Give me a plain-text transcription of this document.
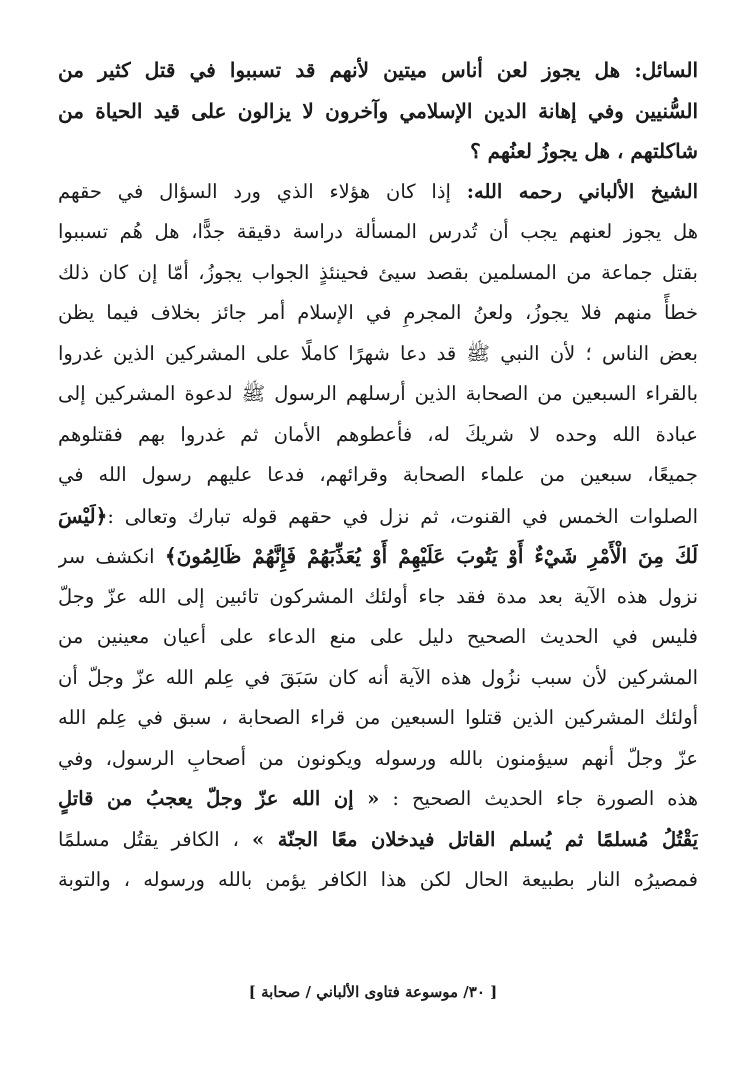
السائل: هل يجوز لعن أناس ميتين لأنهم قد تسببوا في قتل كثير من
السُّنيين وفي إهانة الدين الإسلامي وآخرون لا يزالون على قيد الحياة من
شاكلتهم ، هل يجوزُ لعنُهم ؟
الشيخ الألباني رحمه الله: إذا كان هؤلاء الذي ورد السؤال في حقهم
هل يجوز لعنهم يجب أن تُدرس المسألة دراسة دقيقة جدًّا، هل هُم تسببوا
بقتل جماعة من المسلمين بقصد سيئ فحينئذٍ الجواب يجوزُ، أمّا إن كان ذلك
خطأً منهم فلا يجوزُ، ولعنُ المجرمِ في الإسلام أمر جائز بخلاف فيما يظن
بعض الناس ؛ لأن النبي ﷺ قد دعا شهرًا كاملًا على المشركين الذين غدروا
بالقراء السبعين من الصحابة الذين أرسلهم الرسول ﷺ لدعوة المشركين إلى
عبادة الله وحده لا شريكَ له، فأعطوهم الأمان ثم غدروا بهم فقتلوهم
جميعًا، سبعين من علماء الصحابة وقرائهم، فدعا عليهم رسول الله في
الصلوات الخمس في القنوت، ثم نزل في حقهم قوله تبارك وتعالى :﴿لَيْسَ
لَكَ مِنَ الْأَمْرِ شَيْءٌ أَوْ يَتُوبَ عَلَيْهِمْ أَوْ يُعَذِّبَهُمْ فَإِنَّهُمْ ظَالِمُونَ﴾ انكشف سر
نزول هذه الآية بعد مدة فقد جاء أولئك المشركون تائبين إلى الله عزّ وجلّ
فليس في الحديث الصحيح دليل على منع الدعاء على أعيان معينين من
المشركين لأن سبب نزُول هذه الآية أنه كان سَبَقَ في عِلم الله عزّ وجلّ أن
أولئك المشركين الذين قتلوا السبعين من قراء الصحابة ، سبق في عِلم الله
عزّ وجلّ أنهم سيؤمنون بالله ورسوله ويكونون من أصحابِ الرسول، وفي
هذه الصورة جاء الحديث الصحيح : « إن الله عزّ وجلّ يعجبُ من قاتلٍ
يَقْتُلُ مُسلمًا ثم يُسلم القاتل فيدخلان معًا الجنّة » ، الكافر يقتُل مسلمًا
فمصيرُه النار بطبيعة الحال لكن هذا الكافر يؤمن بالله ورسوله ، والتوبة
[ ٣٠/ موسوعة فتاوى الألباني / صحابة ]
